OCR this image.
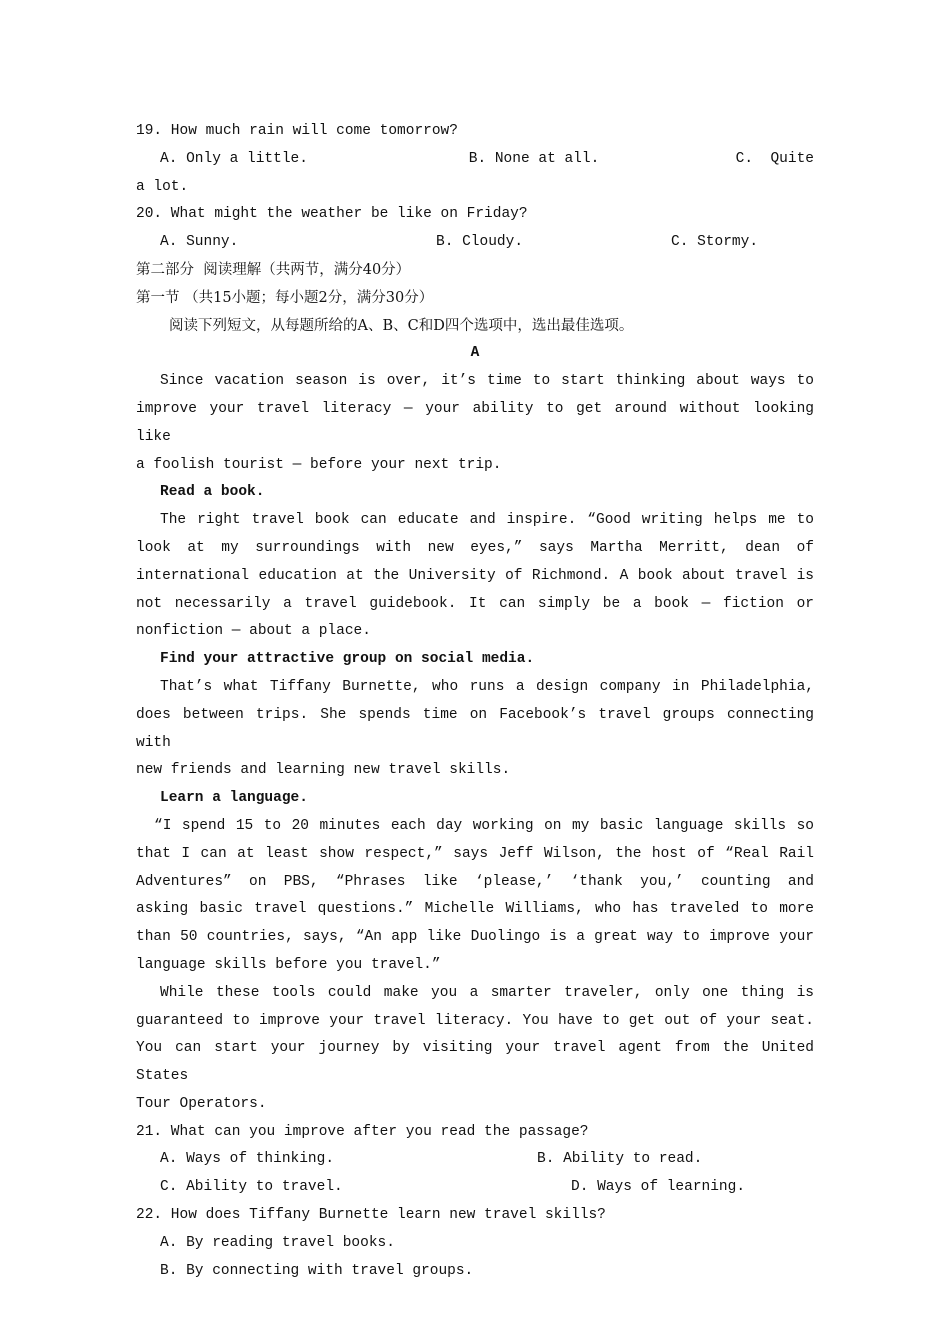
19. How much rain will come tomorrow?
A. Only a little.	B. None at all.	C.  Quite
a lot.
20. What might the weather be like on Friday?
A. Sunny.	B. Cloudy.	C. Stormy.
第二部分  阅读理解（共两节，满分40分）
第一节 （共15小题；每小题2分，满分30分）
阅读下列短文，从每题所给的A、B、C和D四个选项中，选出最佳选项。
A
Since vacation season is over, it’s time to start thinking about ways to
improve your travel literacy — your ability to get around without looking like
a foolish tourist — before your next trip.
Read a book.
The right travel book can educate and inspire. “Good writing helps me to
look at my surroundings with new eyes,” says Martha Merritt, dean of
international education at the University of Richmond. A book about travel is
not necessarily a travel guidebook. It can simply be a book — fiction or
nonfiction — about a place.
Find your attractive group on social media.
That’s what Tiffany Burnette, who runs a design company in Philadelphia,
does between trips. She spends time on Facebook’s travel groups connecting with
new friends and learning new travel skills.
Learn a language.
“I spend 15 to 20 minutes each day working on my basic language skills so
that I can at least show respect,” says Jeff Wilson, the host of “Real Rail
Adventures” on PBS, “Phrases like ‘please,’ ‘thank you,’ counting and
asking basic travel questions.” Michelle Williams, who has traveled to more
than 50 countries, says, “An app like Duolingo is a great way to improve your
language skills before you travel.”
While these tools could make you a smarter traveler, only one thing is
guaranteed to improve your travel literacy. You have to get out of your seat.
You can start your journey by visiting your travel agent from the United States
Tour Operators.
21. What can you improve after you read the passage?
A. Ways of thinking.	B. Ability to read.
C. Ability to travel.	D. Ways of learning.
22. How does Tiffany Burnette learn new travel skills?
A. By reading travel books.
B. By connecting with travel groups.
